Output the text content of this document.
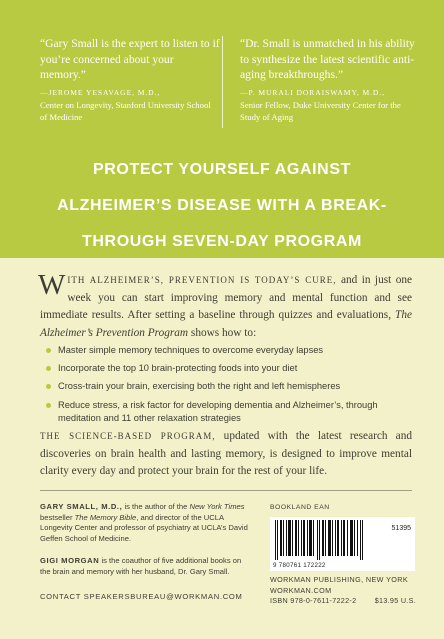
“Gary Small is the expert to listen to if you’re concerned about your memory.”

—JEROME YESAVAGE, M.D.,

Center on Longevity, Stanford University School of Medicine

“Dr. Small is unmatched in his ability to synthesize the latest scientific anti-aging breakthroughs.”

—P. MURALI DORAISWAMY, M.D.,

Senior Fellow, Duke University Center for the Study of Aging

PROTECT YOURSELF AGAINST
ALZHEIMER’S DISEASE WITH A BREAK-
THROUGH SEVEN-DAY PROGRAM

WITH ALZHEIMER’S, PREVENTION IS TODAY’S CURE, and in just one week you can start improving memory and mental function and see immediate results. After setting a baseline through quizzes and evaluations, The Alzheimer’s Prevention Program shows how to:

Master simple memory techniques to overcome everyday lapses
Incorporate the top 10 brain-protecting foods into your diet
Cross-train your brain, exercising both the right and left hemispheres
Reduce stress, a risk factor for developing dementia and Alzheimer’s, through meditation and 11 other relaxation strategies

THE SCIENCE-BASED PROGRAM, updated with the latest research and discoveries on brain health and lasting memory, is designed to improve mental clarity every day and protect your brain for the rest of your life.

GARY SMALL, M.D., is the author of the New York Times bestseller The Memory Bible, and director of the UCLA Longevity Center and professor of psychiatry at UCLA’s David Geffen School of Medicine.

GIGI MORGAN is the coauthor of five additional books on the brain and memory with her husband, Dr. Gary Small.

CONTACT SPEAKERSBUREAU@WORKMAN.COM

BOOKLAND EAN

51395
9 780761 172222

WORKMAN PUBLISHING, NEW YORK

WORKMAN.COM

ISBN 978-0-7611-7222-2	$13.95 U.S.
